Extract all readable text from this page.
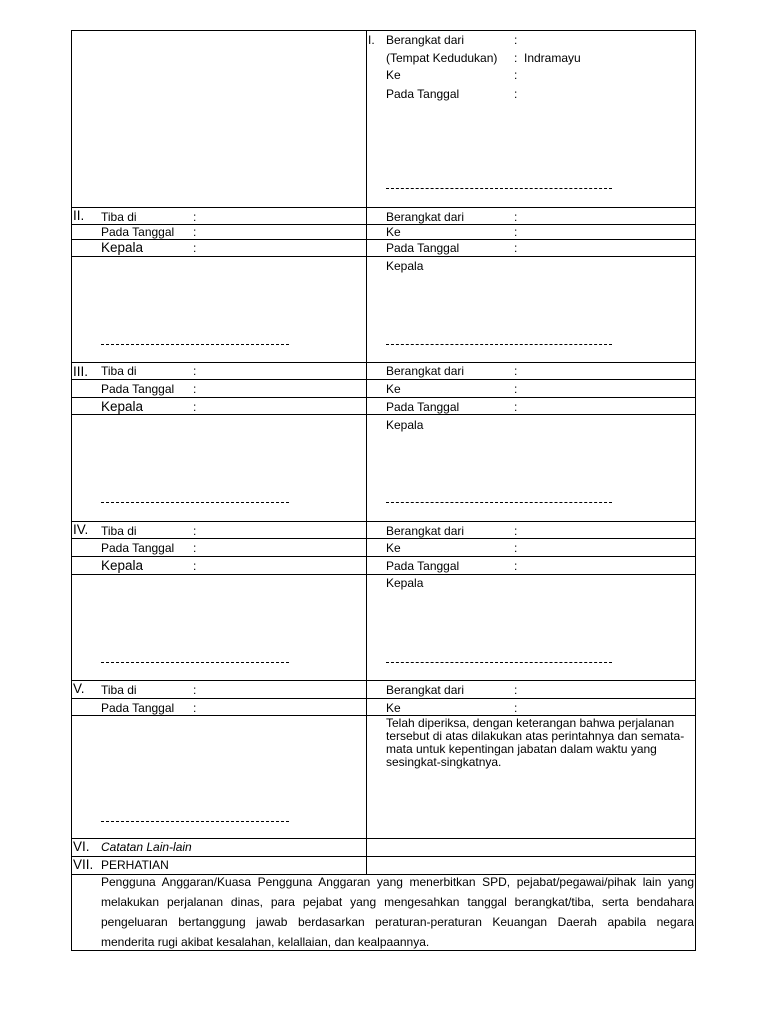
I. Berangkat dari	:
(Tempat Kedudukan) : Indramayu
Ke	:
Pada Tanggal	:
II. Tiba di	:
Pada Tanggal :
Kepala	:
Berangkat dari	:
Ke	:
Pada Tanggal	:
Kepala
III. Tiba di	:
Pada Tanggal :
Kepala	:
Berangkat dari	:
Ke	:
Pada Tanggal	:
Kepala
IV. Tiba di	:
Pada Tanggal :
Kepala	:
Berangkat dari	:
Ke	:
Pada Tanggal	:
Kepala
V. Tiba di	:
Pada Tanggal :
Berangkat dari	:
Ke	:
Telah diperiksa, dengan keterangan bahwa perjalanan tersebut di atas dilakukan atas perintahnya dan semata-mata untuk kepentingan jabatan dalam waktu yang sesingkat-singkatnya.
VI. Catatan Lain-lain
VII. PERHATIAN
Pengguna Anggaran/Kuasa Pengguna Anggaran yang menerbitkan SPD, pejabat/pegawai/pihak lain yang
melakukan perjalanan dinas, para pejabat yang mengesahkan tanggal berangkat/tiba, serta bendahara
pengeluaran bertanggung jawab berdasarkan peraturan-peraturan Keuangan Daerah apabila negara
menderita rugi akibat kesalahan, kelallaian, dan kealpaannya.
